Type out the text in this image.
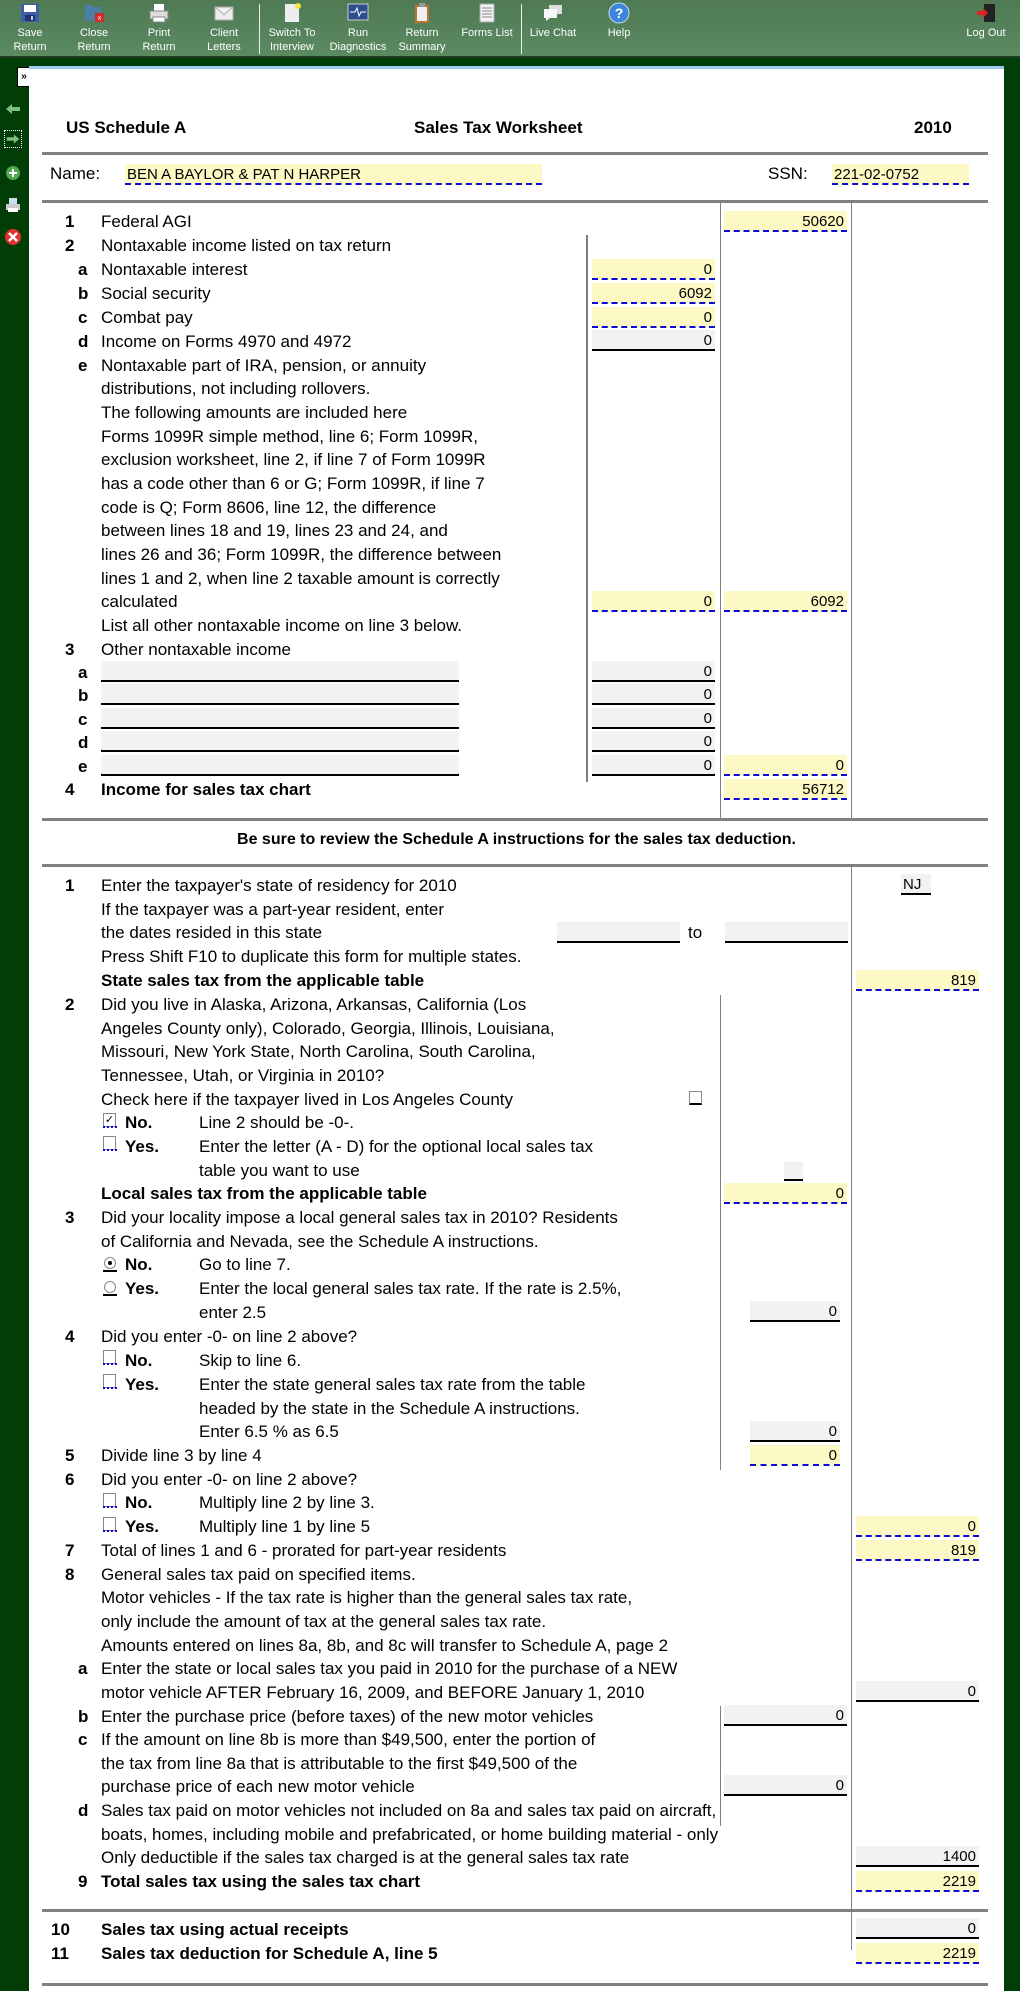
Save
Return
x
Close
Return
Print
Return
Client
Letters
Switch To
Interview
Run
Diagnostics
Return
Summary
Forms List Live Chat
?
Help	Log Out
»
US Schedule A	Sales Tax Worksheet	2010
Name: BEN A BAYLOR & PAT N HARPER	SSN: 221-02-0752
1 Federal AGI	50620
2 Nontaxable income listed on tax return
a Nontaxable interest	0
b Social security	6092
c Combat pay	0
d Income on Forms 4970 and 4972	0
e Nontaxable part of IRA, pension, or annuity
distributions, not including rollovers.
The following amounts are included here
Forms 1099R simple method, line 6; Form 1099R,
exclusion worksheet, line 2, if line 7 of Form 1099R
has a code other than 6 or G; Form 1099R, if line 7
code is Q; Form 8606, line 12, the difference
between lines 18 and 19, lines 23 and 24, and
lines 26 and 36; Form 1099R, the difference between
lines 1 and 2, when line 2 taxable amount is correctly
calculated	0	6092
List all other nontaxable income on line 3 below.
3 Other nontaxable income
a	0
b	0
c	0
d	0
e	0	0
4 Income for sales tax chart	56712
Be sure to review the Schedule A instructions for the sales tax deduction.
1 Enter the taxpayer's state of residency for 2010	NJ
If the taxpayer was a part-year resident, enter
the dates resided in this state	to
Press Shift F10 to duplicate this form for multiple states.
State sales tax from the applicable table	819
2 Did you live in Alaska, Arizona, Arkansas, California (Los
Angeles County only), Colorado, Georgia, Illinois, Louisiana,
Missouri, New York State, North Carolina, South Carolina,
Tennessee, Utah, or Virginia in 2010?
Check here if the taxpayer lived in Los Angeles County
✓ No.	Line 2 should be -0-.
Yes. Enter the letter (A - D) for the optional local sales tax
table you want to use
Local sales tax from the applicable table	0
3 Did your locality impose a local general sales tax in 2010? Residents
of California and Nevada, see the Schedule A instructions.
No.	Go to line 7.
Yes. Enter the local general sales tax rate. If the rate is 2.5%,
enter 2.5	0
4 Did you enter -0- on line 2 above?
No.	Skip to line 6.
Yes. Enter the state general sales tax rate from the table
headed by the state in the Schedule A instructions.
Enter 6.5 % as 6.5	0
5 Divide line 3 by line 4	0
6 Did you enter -0- on line 2 above?
No.	Multiply line 2 by line 3.
Yes. Multiply line 1 by line 5	0
7 Total of lines 1 and 6 - prorated for part-year residents	819
8 General sales tax paid on specified items.
Motor vehicles - If the tax rate is higher than the general sales tax rate,
only include the amount of tax at the general sales tax rate.
Amounts entered on lines 8a, 8b, and 8c will transfer to Schedule A, page 2
a Enter the state or local sales tax you paid in 2010 for the purchase of a NEW
motor vehicle AFTER February 16, 2009, and BEFORE January 1, 2010	0
b Enter the purchase price (before taxes) of the new motor vehicles	0
c If the amount on line 8b is more than $49,500, enter the portion of
the tax from line 8a that is attributable to the first $49,500 of the
purchase price of each new motor vehicle	0
d Sales tax paid on motor vehicles not included on 8a and sales tax paid on aircraft,
boats, homes, including mobile and prefabricated, or home building material - only
Only deductible if the sales tax charged is at the general sales tax rate	1400
9 Total sales tax using the sales tax chart	2219
10 Sales tax using actual receipts	0
11 Sales tax deduction for Schedule A, line 5	2219
